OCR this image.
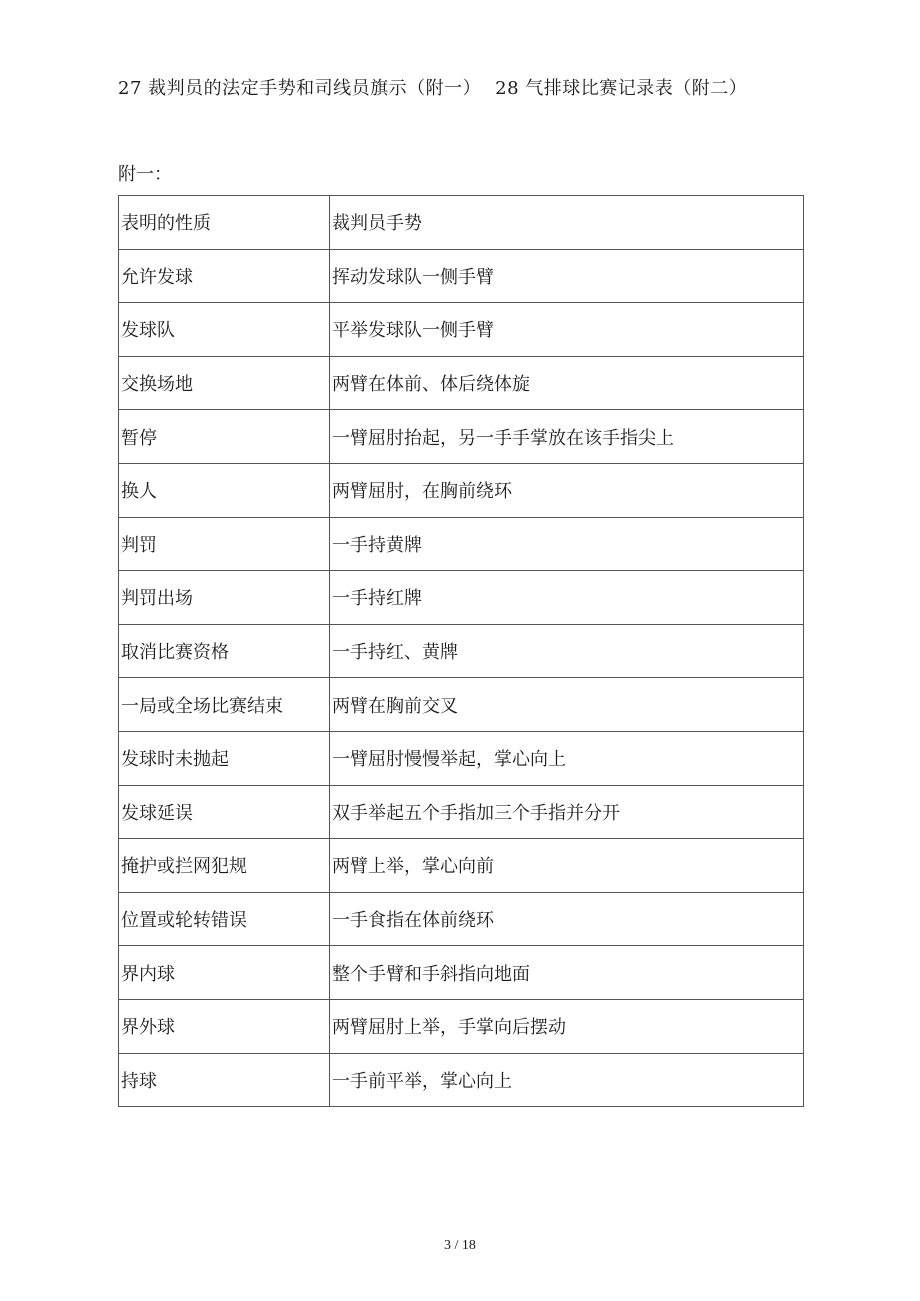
27 裁判员的法定手势和司线员旗示（附一） 28 气排球比赛记录表（附二）
附一：
表明的性质	裁判员手势
允许发球	挥动发球队一侧手臂
发球队	平举发球队一侧手臂
交换场地	两臂在体前、体后绕体旋
暂停	一臂屈肘抬起，另一手手掌放在该手指尖上
换人	两臂屈肘，在胸前绕环
判罚	一手持黄牌
判罚出场	一手持红牌
取消比赛资格	一手持红、黄牌
一局或全场比赛结束	两臂在胸前交叉
发球时未抛起	一臂屈肘慢慢举起，掌心向上
发球延误	双手举起五个手指加三个手指并分开
掩护或拦网犯规	两臂上举，掌心向前
位置或轮转错误	一手食指在体前绕环
界内球	整个手臂和手斜指向地面
界外球	两臂屈肘上举，手掌向后摆动
持球	一手前平举，掌心向上
3 / 18
